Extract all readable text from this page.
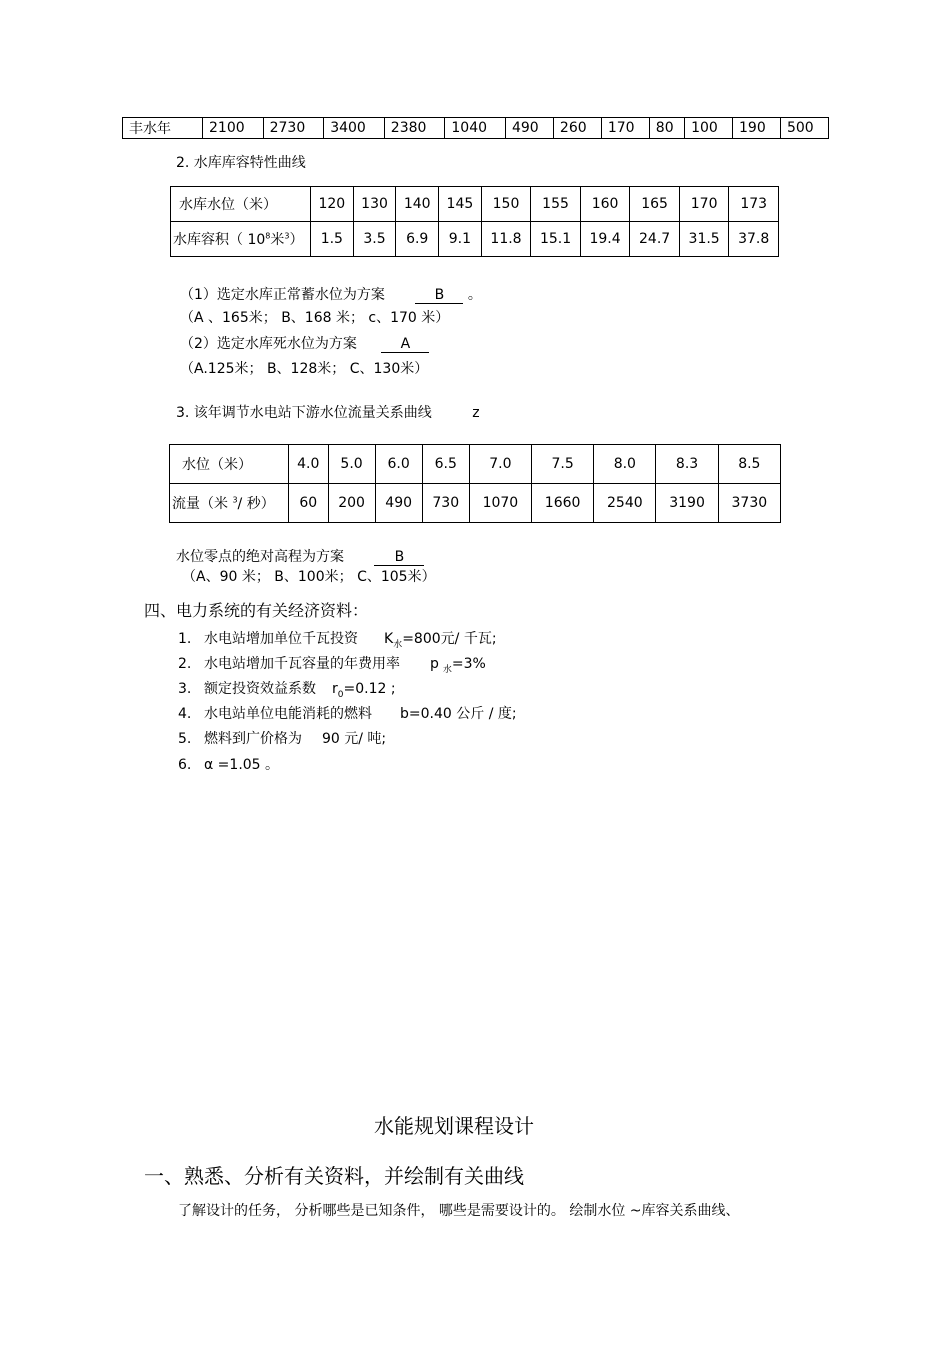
丰水年	2100	2730	3400	2380	1040	490	260	170	80	100	190	500
2. 水库库容特性曲线
水库水位（米）	120	130	140	145	150	155	160	165	170	173
水库容积（ $10^8$米$^3$）	1.5	3.5	6.9	9.1	11.8	15.1	19.4	24.7	31.5	37.8
（1）选定水库正常蓄水位为方案	B 。
（A 、165米； B、168 米； c、170 米）
（2）选定水库死水位为方案	A
（A.125米； B、128米； C、130米）
3. 该年调节水电站下游水位流量关系曲线	z
水位（米）	4.0	5.0	6.0	6.5	7.0	7.5	8.0	8.3	8.5
流量（米 $^3$/ 秒）	60	200	490	730	1070	1660	2540	3190	3730
水位零点的绝对高程为方案	B
（A、90 米； B、100米； C、105米）
四、电力系统的有关经济资料：
1. 水电站增加单位千瓦投资 $K_水=800$元/ 千瓦;
2. 水电站增加千瓦容量的年费用率 p $_水$=3%
3. 额定投资效益系数 $r_0=0.12$ ;
4. 水电站单位电能消耗的燃料 b=0.40 公斤 / 度;
5. 燃料到广价格为 90 元/ 吨;
6. α =1.05 。
水能规划课程设计
一、熟悉、分析有关资料，并绘制有关曲线
了解设计的任务， 分析哪些是已知条件， 哪些是需要设计的。 绘制水位 ~库容关系曲线、
